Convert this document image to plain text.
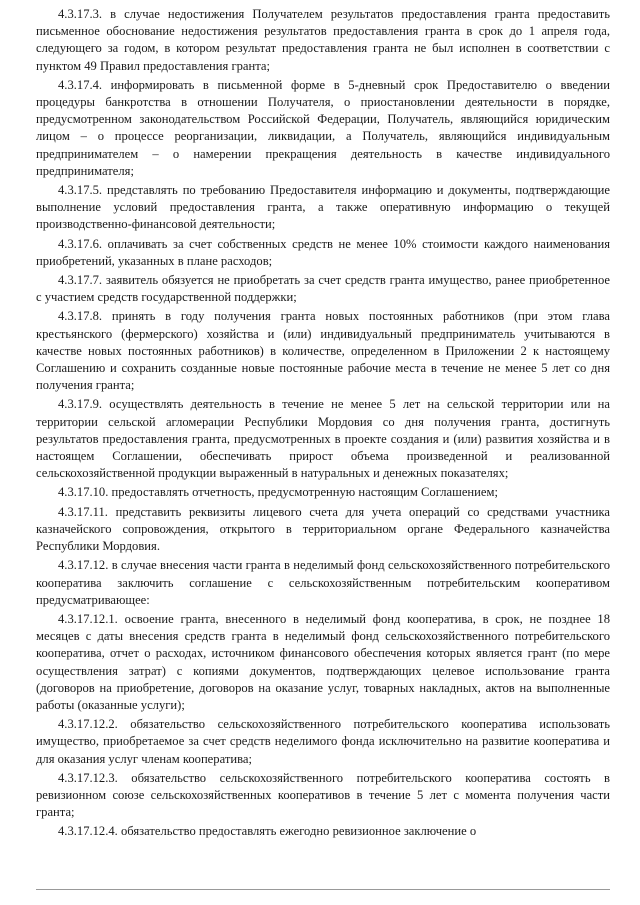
4.3.17.3. в случае недостижения Получателем результатов предоставления гранта предоставить письменное обоснование недостижения результатов предоставления гранта в срок до 1 апреля года, следующего за годом, в котором результат предоставления гранта не был исполнен в соответствии с пунктом 49 Правил предоставления гранта;

4.3.17.4. информировать в письменной форме в 5-дневный срок Предоставителю о введении процедуры банкротства в отношении Получателя, о приостановлении деятельности в порядке, предусмотренном законодательством Российской Федерации, Получатель, являющийся юридическим лицом – о процессе реорганизации, ликвидации, а Получатель, являющийся индивидуальным предпринимателем – о намерении прекращения деятельность в качестве индивидуального предпринимателя;

4.3.17.5. представлять по требованию Предоставителя информацию и документы, подтверждающие выполнение условий предоставления гранта, а также оперативную информацию о текущей производственно-финансовой деятельности;

4.3.17.6. оплачивать за счет собственных средств не менее 10% стоимости каждого наименования приобретений, указанных в плане расходов;

4.3.17.7. заявитель обязуется не приобретать за счет средств гранта имущество, ранее приобретенное с участием средств государственной поддержки;

4.3.17.8. принять в году получения гранта новых постоянных работников (при этом глава крестьянского (фермерского) хозяйства и (или) индивидуальный предприниматель учитываются в качестве новых постоянных работников) в количестве, определенном в Приложении 2 к настоящему Соглашению и сохранить созданные новые постоянные рабочие места в течение не менее 5 лет со дня получения гранта;

4.3.17.9. осуществлять деятельность в течение не менее 5 лет на сельской территории или на территории сельской агломерации Республики Мордовия со дня получения гранта, достигнуть результатов предоставления гранта, предусмотренных в проекте создания и (или) развития хозяйства и в настоящем Соглашении, обеспечивать прирост объема произведенной и реализованной сельскохозяйственной продукции выраженный в натуральных и денежных показателях;

4.3.17.10. предоставлять отчетность, предусмотренную настоящим Соглашением;

4.3.17.11. представить реквизиты лицевого счета для учета операций со средствами участника казначейского сопровождения, открытого в территориальном органе Федерального казначейства Республики Мордовия.

4.3.17.12. в случае внесения части гранта в неделимый фонд сельскохозяйственного потребительского кооператива заключить соглашение с сельскохозяйственным потребительским кооперативом предусматривающее:

4.3.17.12.1. освоение гранта, внесенного в неделимый фонд кооператива, в срок, не позднее 18 месяцев с даты внесения средств гранта в неделимый фонд сельскохозяйственного потребительского кооператива, отчет о расходах, источником финансового обеспечения которых является грант (по мере осуществления затрат) с копиями документов, подтверждающих целевое использование гранта (договоров на приобретение, договоров на оказание услуг, товарных накладных, актов на выполненные работы (оказанные услуги);

4.3.17.12.2. обязательство сельскохозяйственного потребительского кооператива использовать имущество, приобретаемое за счет средств неделимого фонда исключительно на развитие кооператива и для оказания услуг членам кооператива;

4.3.17.12.3. обязательство сельскохозяйственного потребительского кооператива состоять в ревизионном союзе сельскохозяйственных кооперативов в течение 5 лет с момента получения части гранта;

4.3.17.12.4. обязательство предоставлять ежегодно ревизионное заключение о
